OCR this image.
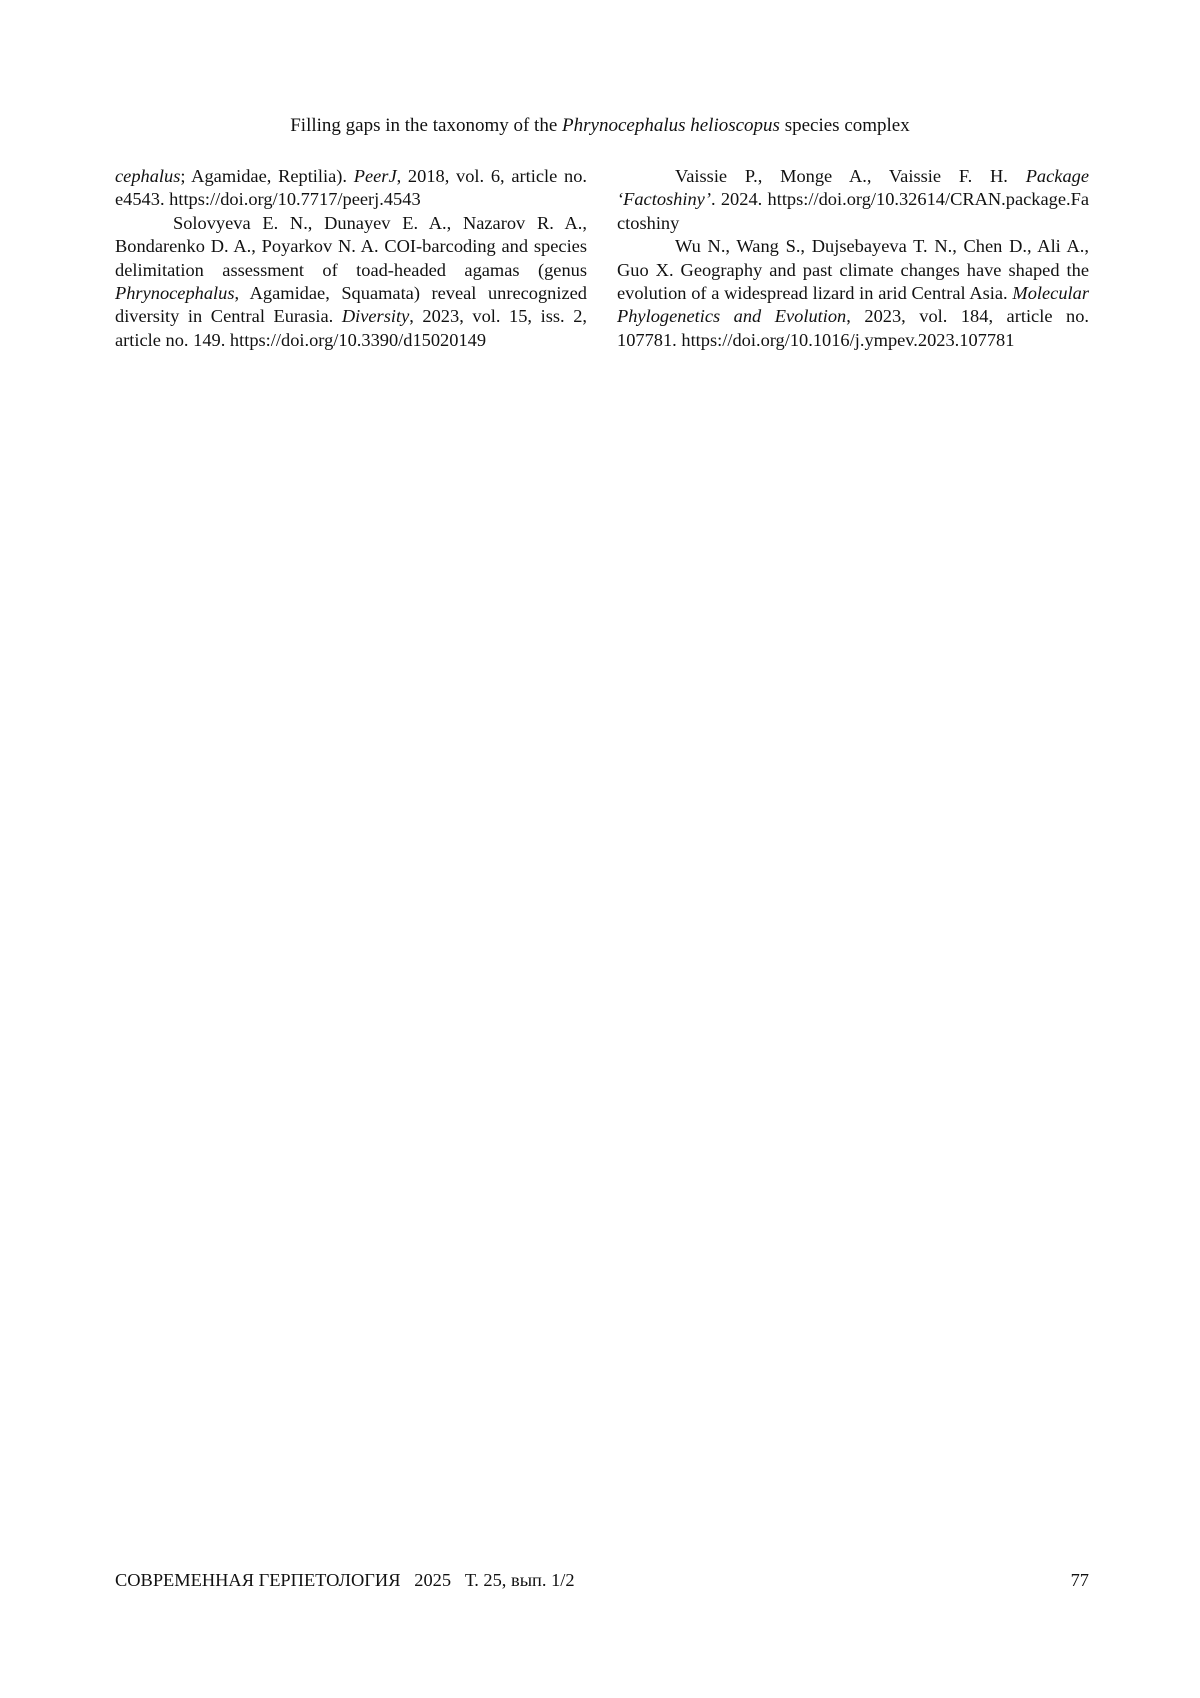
Filling gaps in the taxonomy of the Phrynocephalus helioscopus species complex

cephalus; Agamidae, Reptilia). PeerJ, 2018, vol. 6, article no. e4543. https://doi.org/10.7717/peerj.4543

Solovyeva E. N., Dunayev E. A., Nazarov R. A., Bondarenko D. A., Poyarkov N. A. COI-barcoding and species delimitation assessment of toad-headed agamas (genus Phrynocephalus, Agamidae, Squamata) reveal unrecognized diversity in Central Eurasia. Diversity, 2023, vol. 15, iss. 2, article no. 149. https://doi.org/10.3390/d15020149

Vaissie P., Monge A., Vaissie F. H. Package ‘Factoshiny’. 2024. https://doi.org/10.32614/CRAN.package.Factoshiny

Wu N., Wang S., Dujsebayeva T. N., Chen D., Ali A., Guo X. Geography and past climate changes have shaped the evolution of a widespread lizard in arid Central Asia. Molecular Phylogenetics and Evolution, 2023, vol. 184, article no. 107781. https://doi.org/10.1016/j.ympev.2023.107781

СОВРЕМЕННАЯ ГЕРПЕТОЛОГИЯ   2025   Т. 25, вып. 1/2	77
